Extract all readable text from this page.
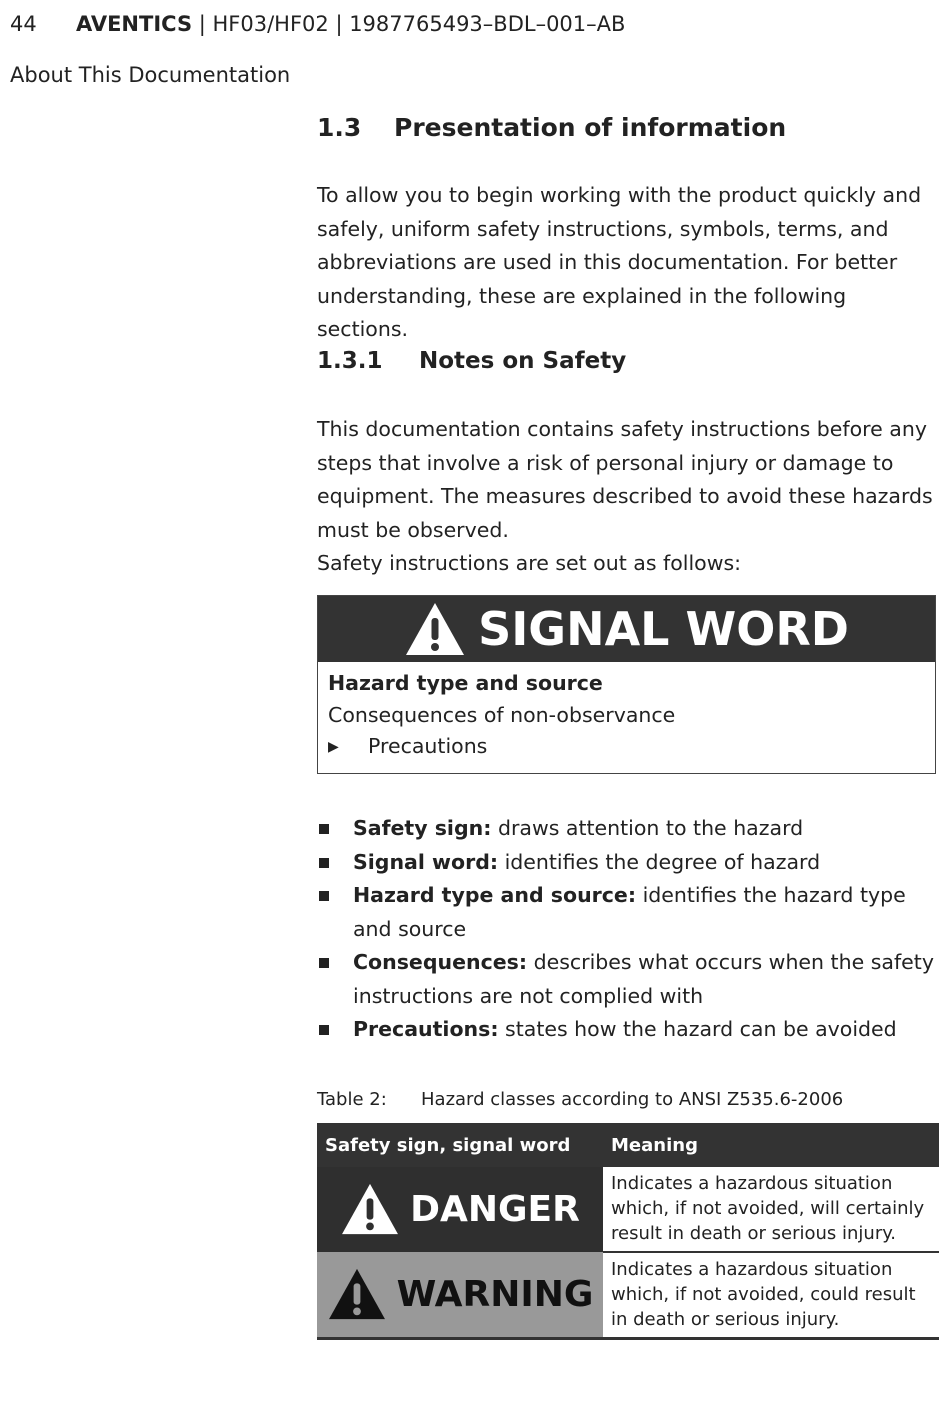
44 AVENTICS | HF03/HF02 | 1987765493–BDL–001–AB
About This Documentation
1.3 Presentation of information

To allow you to begin working with the product quickly and safely, uniform safety instructions, symbols, terms, and abbreviations are used in this documentation. For better understanding, these are explained in the following sections.

1.3.1 Notes on Safety

This documentation contains safety instructions before any steps that involve a risk of personal injury or damage to equipment. The measures described to avoid these hazards must be observed.

Safety instructions are set out as follows:

SIGNAL WORD
Hazard type and source
Consequences of non-observance
▶ Precautions
Safety sign: draws attention to the hazard
Signal word: identifies the degree of hazard
Hazard type and source: identifies the hazard type and source
Consequences: describes what occurs when the safety instructions are not complied with
Precautions: states how the hazard can be avoided
Table 2: Hazard classes according to ANSI Z535.6-2006
Safety sign, signal word	Meaning

DANGER	Indicates a hazardous situation which, if not avoided, will certainly result in death or serious injury.

WARNING	Indicates a hazardous situation which, if not avoided, could result in death or serious injury.
